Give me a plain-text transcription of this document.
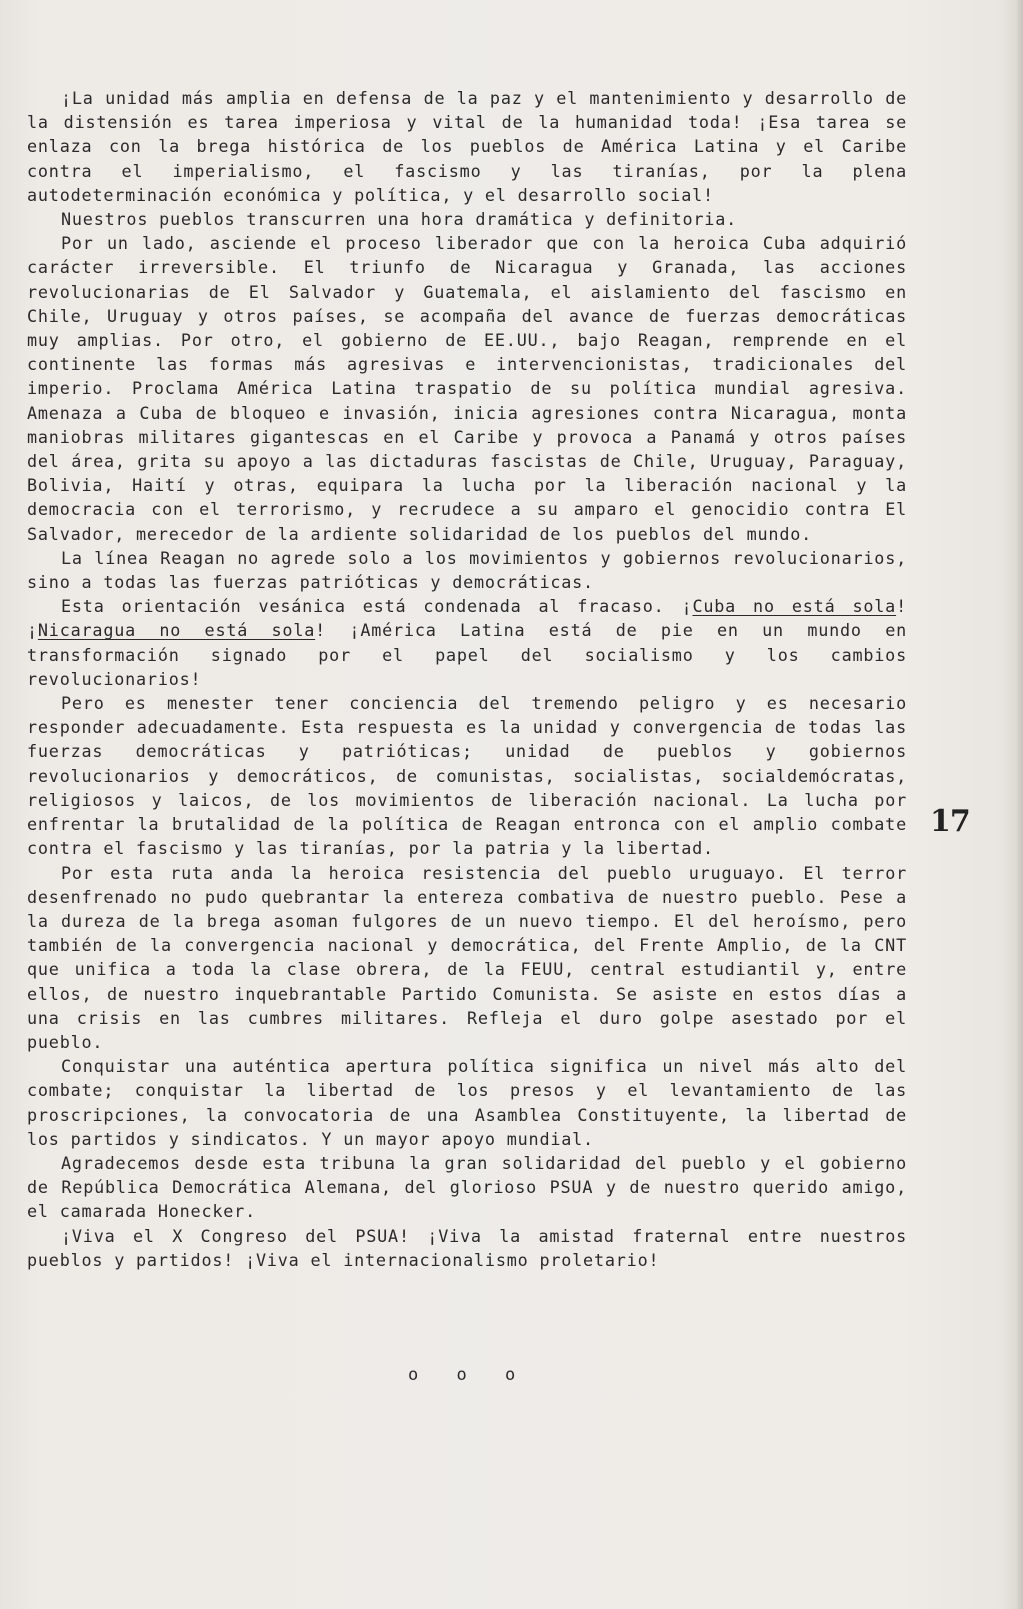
¡La unidad más amplia en defensa de la paz y el mantenimiento y desarrollo de la distensión es tarea imperiosa y vital de la humanidad toda! ¡Esa tarea se enlaza con la brega histórica de los pueblos de América Latina y el Caribe contra el imperialismo, el fascismo y las tiranías, por la plena autodeterminación económica y política, y el desarrollo social!

Nuestros pueblos transcurren una hora dramática y definitoria.

Por un lado, asciende el proceso liberador que con la heroica Cuba adquirió carácter irreversible. El triunfo de Nicaragua y Granada, las acciones revolucionarias de El Salvador y Guatemala, el aislamiento del fascismo en Chile, Uruguay y otros países, se acompaña del avance de fuerzas democráticas muy amplias. Por otro, el gobierno de EE.UU., bajo Reagan, remprende en el continente las formas más agresivas e intervencionistas, tradicionales del imperio. Proclama América Latina traspatio de su política mundial agresiva. Amenaza a Cuba de bloqueo e invasión, inicia agresiones contra Nicaragua, monta maniobras militares gigantescas en el Caribe y provoca a Panamá y otros países del área, grita su apoyo a las dictaduras fascistas de Chile, Uruguay, Paraguay, Bolivia, Haití y otras, equipara la lucha por la liberación nacional y la democracia con el terrorismo, y recrudece a su amparo el genocidio contra El Salvador, merecedor de la ardiente solidaridad de los pueblos del mundo.

La línea Reagan no agrede solo a los movimientos y gobiernos revolucionarios, sino a todas las fuerzas patrióticas y democráticas.

Esta orientación vesánica está condenada al fracaso. ¡Cuba no está sola! ¡Nicaragua no está sola! ¡América Latina está de pie en un mundo en transformación signado por el papel del socialismo y los cambios revolucionarios!

Pero es menester tener conciencia del tremendo peligro y es necesario responder adecuadamente. Esta respuesta es la unidad y convergencia de todas las fuerzas democráticas y patrióticas; unidad de pueblos y gobiernos revolucionarios y democráticos, de comunistas, socialistas, socialdemócratas, religiosos y laicos, de los movimientos de liberación nacional. La lucha por enfrentar la brutalidad de la política de Reagan entronca con el amplio combate contra el fascismo y las tiranías, por la patria y la libertad.

Por esta ruta anda la heroica resistencia del pueblo uruguayo. El terror desenfrenado no pudo quebrantar la entereza combativa de nuestro pueblo. Pese a la dureza de la brega asoman fulgores de un nuevo tiempo. El del heroísmo, pero también de la convergencia nacional y democrática, del Frente Amplio, de la CNT que unifica a toda la clase obrera, de la FEUU, central estudiantil y, entre ellos, de nuestro inquebrantable Partido Comunista. Se asiste en estos días a una crisis en las cumbres militares. Refleja el duro golpe asestado por el pueblo.

Conquistar una auténtica apertura política significa un nivel más alto del combate; conquistar la libertad de los presos y el levantamiento de las proscripciones, la convocatoria de una Asamblea Constituyente, la libertad de los partidos y sindicatos. Y un mayor apoyo mundial.

Agradecemos desde esta tribuna la gran solidaridad del pueblo y el gobierno de República Democrática Alemana, del glorioso PSUA y de nuestro querido amigo, el camarada Honecker.

¡Viva el X Congreso del PSUA! ¡Viva la amistad fraternal entre nuestros pueblos y partidos! ¡Viva el internacionalismo proletario!

17
o o o
